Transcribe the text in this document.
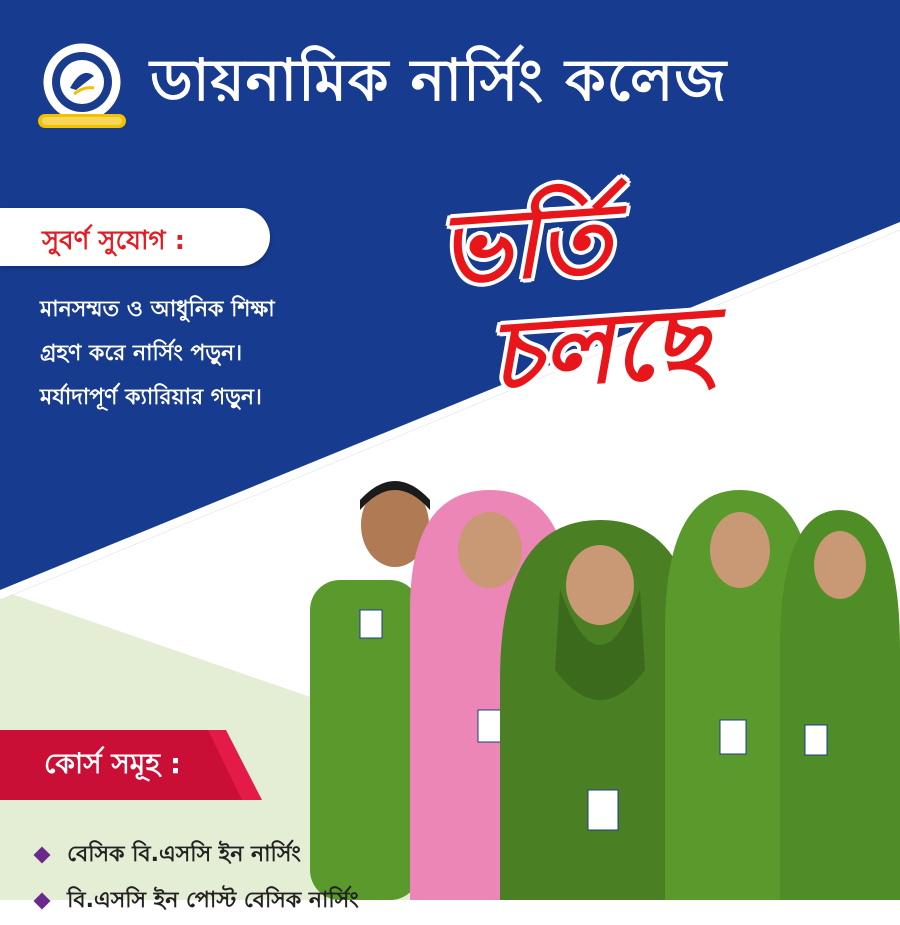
ডায়নামিক নার্সিং কলেজ
ভর্তি
চলছে
সুবর্ণ সুযোগ :
মানসম্মত ও আধুনিক শিক্ষা
গ্রহণ করে নার্সিং পড়ুন।
মর্যাদাপূর্ণ ক্যারিয়ার গড়ুন।
কোর্স সমূহ :
বেসিক বি.এসসি ইন নার্সিং
বি.এসসি ইন পোস্ট বেসিক নার্সিং
